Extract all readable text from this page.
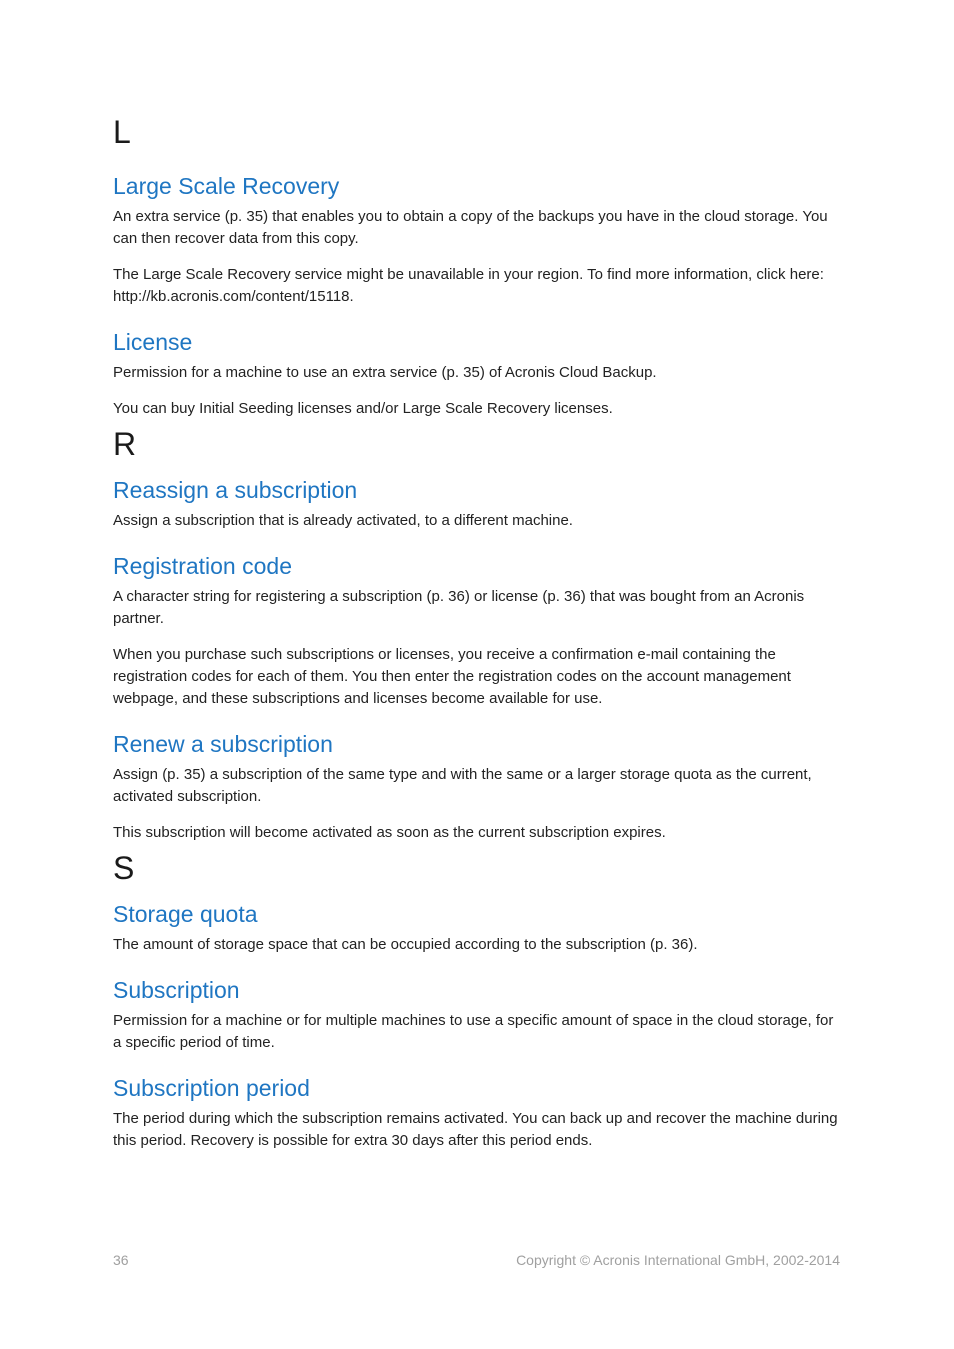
L
Large Scale Recovery

An extra service (p. 35) that enables you to obtain a copy of the backups you have in the cloud storage. You can then recover data from this copy.

The Large Scale Recovery service might be unavailable in your region. To find more information, click here: http://kb.acronis.com/content/15118.

License

Permission for a machine to use an extra service (p. 35) of Acronis Cloud Backup.

You can buy Initial Seeding licenses and/or Large Scale Recovery licenses.

R
Reassign a subscription

Assign a subscription that is already activated, to a different machine.

Registration code

A character string for registering a subscription (p. 36) or license (p. 36) that was bought from an Acronis partner.

When you purchase such subscriptions or licenses, you receive a confirmation e-mail containing the registration codes for each of them. You then enter the registration codes on the account management webpage, and these subscriptions and licenses become available for use.

Renew a subscription

Assign (p. 35) a subscription of the same type and with the same or a larger storage quota as the current, activated subscription.

This subscription will become activated as soon as the current subscription expires.

S
Storage quota

The amount of storage space that can be occupied according to the subscription (p. 36).

Subscription

Permission for a machine or for multiple machines to use a specific amount of space in the cloud storage, for a specific period of time.

Subscription period

The period during which the subscription remains activated. You can back up and recover the machine during this period. Recovery is possible for extra 30 days after this period ends.

36	Copyright © Acronis International GmbH, 2002-2014
